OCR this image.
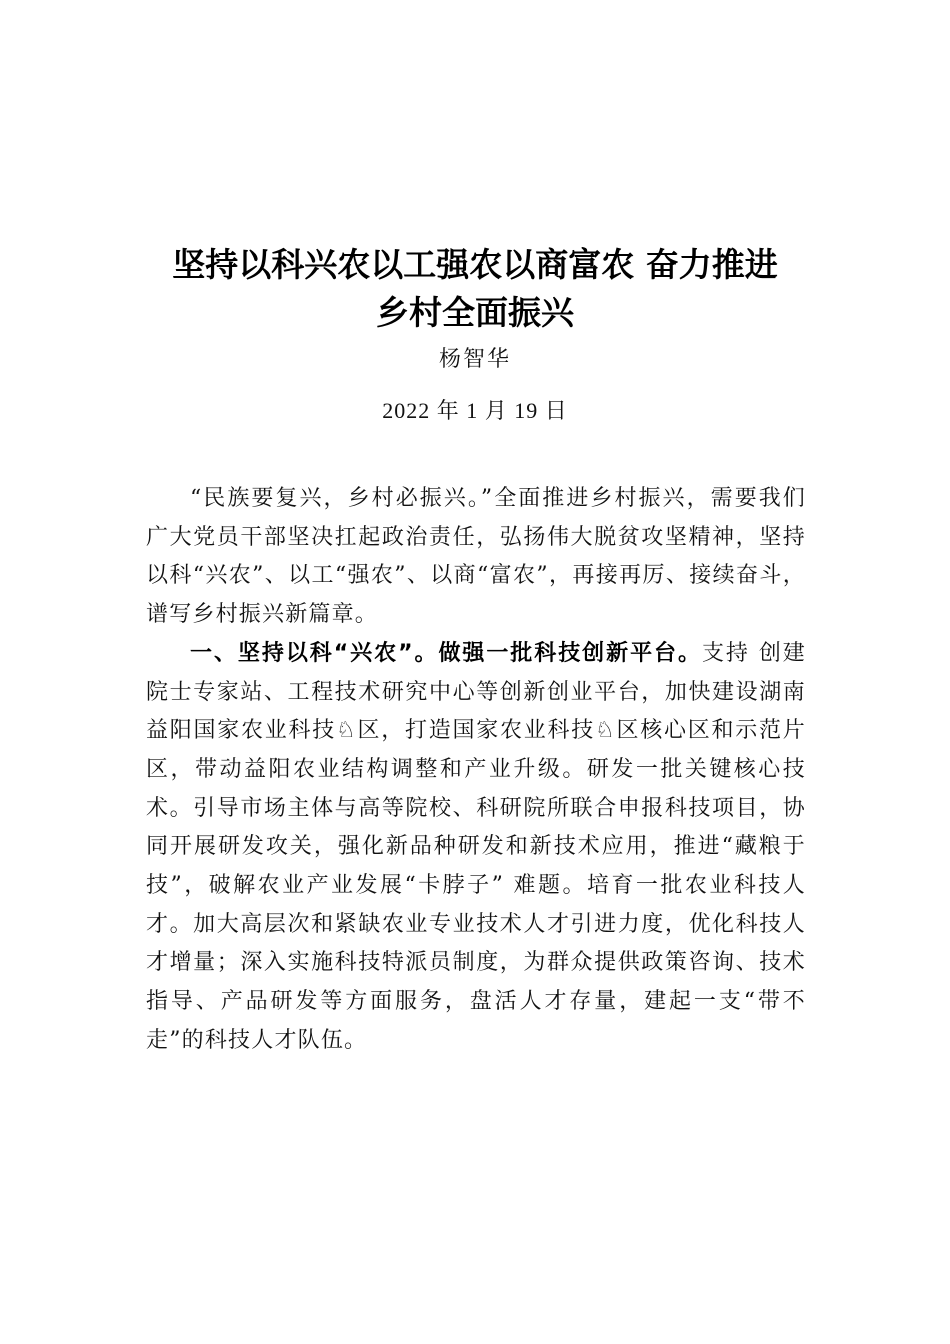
坚持以科兴农以工强农以商富农 奋力推进
乡村全面振兴
杨智华
2022 年 1 月 19 日

“民族要复兴，乡村必振兴。”全面推进乡村振兴，需要我们广大党员干部坚决扛起政治责任，弘扬伟大脱贫攻坚精神，坚持以科“兴农”、以工“强农”、以商“富农”，再接再厉、接续奋斗，谱写乡村振兴新篇章。

一、坚持以科“兴农”。做强一批科技创新平台。支持 创建院士专家站、工程技术研究中心等创新创业平台，加快建设湖南益阳国家农业科技♘区，打造国家农业科技♘区核心区和示范片区，带动益阳农业结构调整和产业升级。研发一批关键核心技术。引导市场主体与高等院校、科研院所联合申报科技项目，协同开展研发攻关，强化新品种研发和新技术应用，推进“藏粮于技”，破解农业产业发展“卡脖子” 难题。培育一批农业科技人才。加大高层次和紧缺农业专业技术人才引进力度，优化科技人才增量；深入实施科技特派员制度，为群众提供政策咨询、技术指导、产品研发等方面服务，盘活人才存量，建起一支“带不走”的科技人才队伍。
